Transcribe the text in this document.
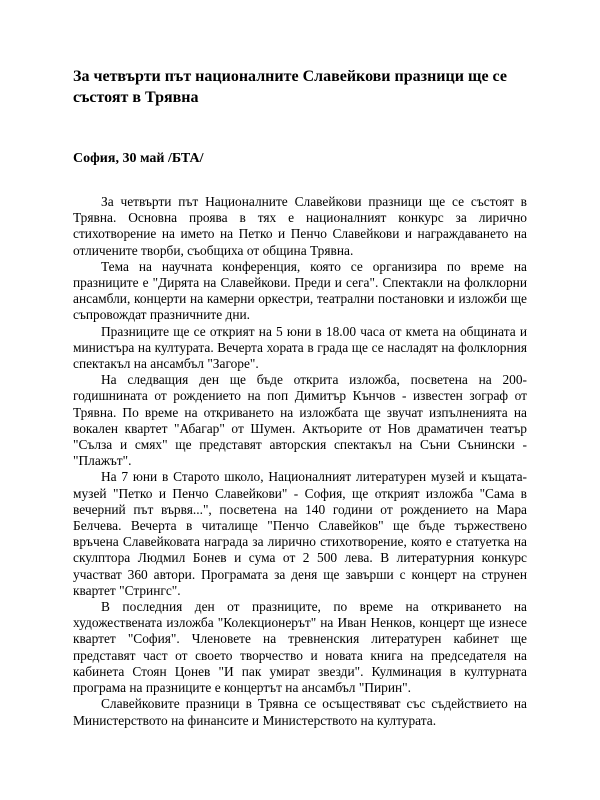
За четвърти път националните Славейкови празници ще се състоят в Трявна

София, 30 май /БТА/

За четвърти път Националните Славейкови празници ще се състоят в Трявна. Основна проява в тях е националният конкурс за лирично стихотворение на името на Петко и Пенчо Славейкови и награждаването на отличените творби, съобщиха от община Трявна.

Тема на научната конференция, която се организира по време на празниците е "Дирята на Славейкови. Преди и сега". Спектакли на фолклорни ансамбли, концерти на камерни оркестри, театрални постановки и изложби ще съпровождат празничните дни.

Празниците ще се открият на 5 юни в 18.00 часа от кмета на общината и министъра на културата. Вечерта хората в града ще се насладят на фолклорния спектакъл на ансамбъл "Загоре".

На следващия ден ще бъде открита изложба, посветена на 200-годишнината от рождението на поп Димитър Кънчов - известен зограф от Трявна. По време на откриването на изложбата ще звучат изпълненията на вокален квартет "Абагар" от Шумен. Актьорите от Нов драматичен театър "Сълза и смях" ще представят авторския спектакъл на Съни Сънински - "Плажът".

На 7 юни в Старото школо, Националният литературен музей и къщата-музей "Петко и Пенчо Славейкови" - София, ще открият изложба "Сама в вечерний път вървя...", посветена на 140 години от рождението на Мара Белчева. Вечерта в читалище "Пенчо Славейков" ще бъде тържествено връчена Славейковата награда за лирично стихотворение, която е статуетка на скулптора Людмил Бонев и сума от 2 500 лева. В литературния конкурс участват 360 автори. Програмата за деня ще завърши с концерт на струнен квартет "Стрингс".

В последния ден от празниците, по време на откриването на художествената изложба "Колекционерът" на Иван Ненков, концерт ще изнесе квартет "София". Членовете на тревненския литературен кабинет ще представят част от своето творчество и новата книга на председателя на кабинета Стоян Цонев "И пак умират звезди". Кулминация в културната програма на празниците е концертът на ансамбъл "Пирин".

Славейковите празници в Трявна се осъществяват със съдействието на Министерството на финансите и Министерството на културата.
